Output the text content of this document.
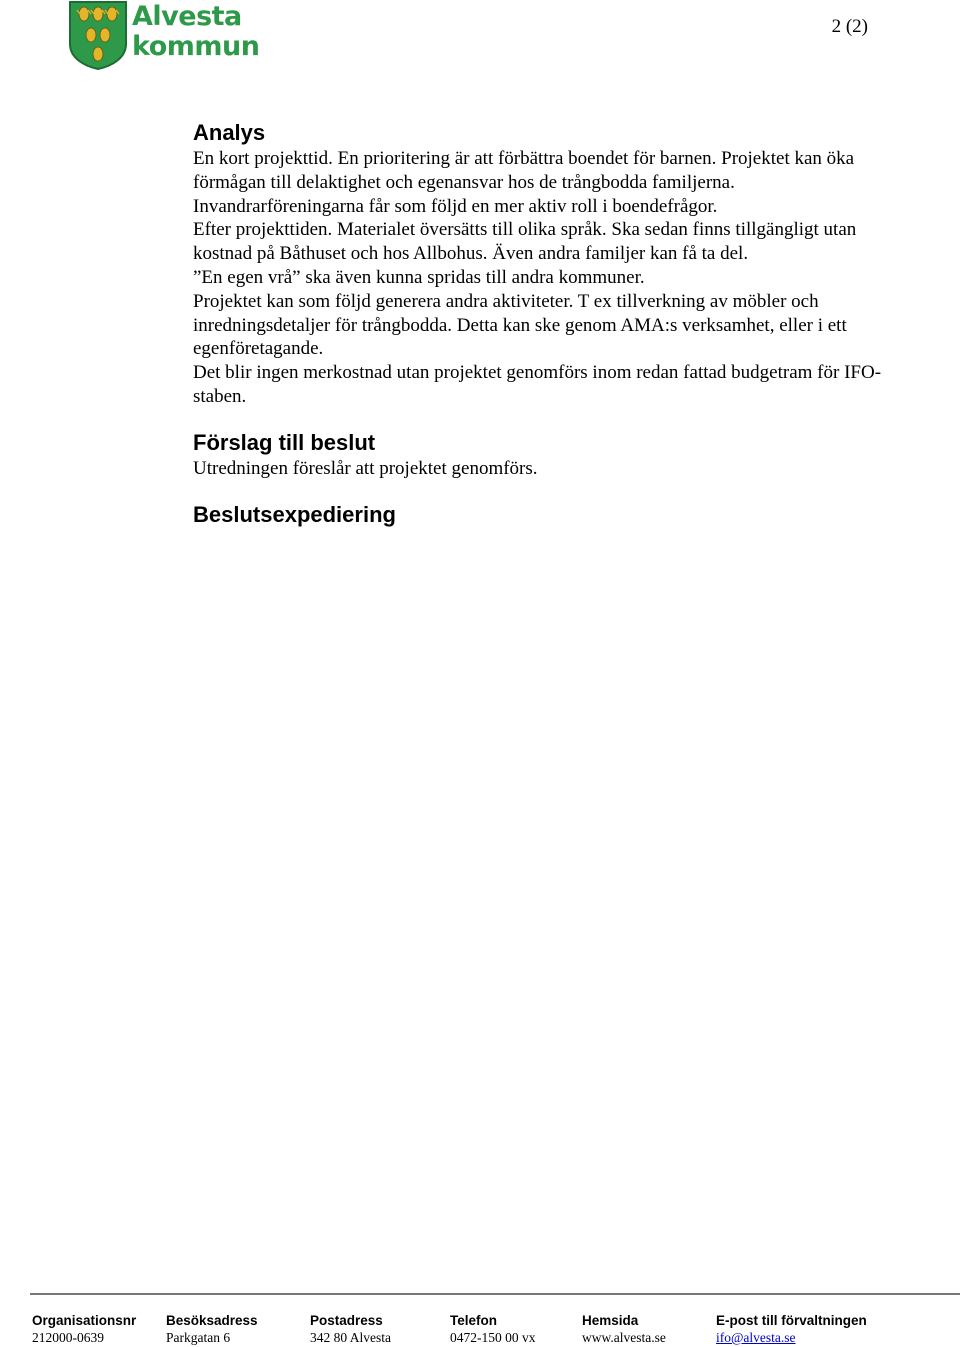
Alvesta
kommun
2 (2)
Analys

En kort projekttid. En prioritering är att förbättra boendet för barnen. Projektet kan öka förmågan till delaktighet och egenansvar hos de trångbodda familjerna. Invandrarföreningarna får som följd en mer aktiv roll i boendefrågor.

Efter projekttiden. Materialet översätts till olika språk. Ska sedan finns tillgängligt utan kostnad på Båthuset och hos Allbohus. Även andra familjer kan få ta del.

”En egen vrå” ska även kunna spridas till andra kommuner.

Projektet kan som följd generera andra aktiviteter. T ex tillverkning av möbler och inredningsdetaljer för trångbodda. Detta kan ske genom AMA:s verksamhet, eller i ett egenföretagande.

Det blir ingen merkostnad utan projektet genomförs inom redan fattad budgetram för IFO-staben.

Förslag till beslut

Utredningen föreslår att projektet genomförs.

Beslutsexpediering
Organisationsnr
212000-0639
Besöksadress
Parkgatan 6
Postadress
342 80 Alvesta
Telefon
0472-150 00 vx
Hemsida
www.alvesta.se
E-post till förvaltningen
ifo@alvesta.se
